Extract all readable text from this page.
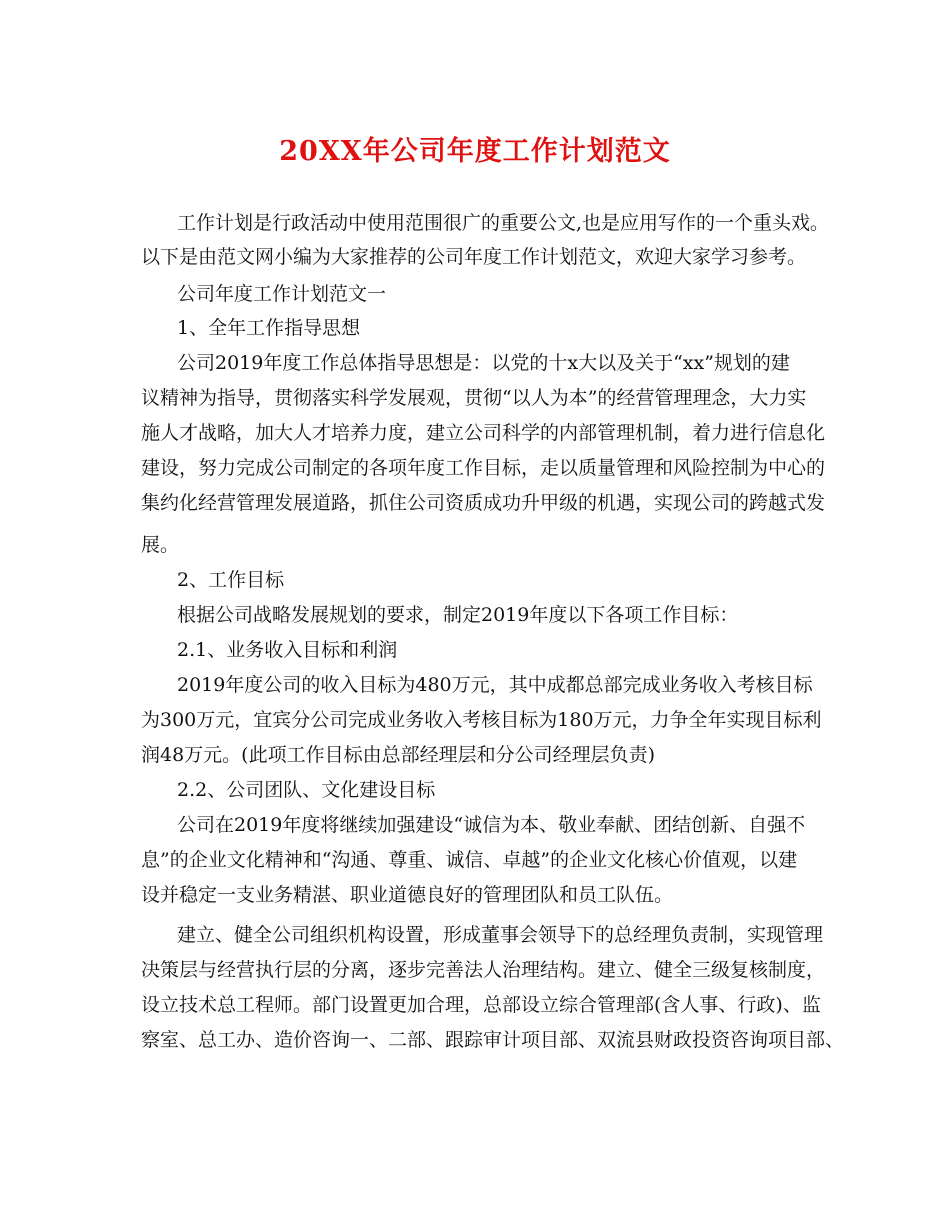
20XX年公司年度工作计划范文
工作计划是行政活动中使用范围很广的重要公文,也是应用写作的一个重头戏。
以下是由范文网小编为大家推荐的公司年度工作计划范文，欢迎大家学习参考。
公司年度工作计划范文一
1、全年工作指导思想
公司2019年度工作总体指导思想是：以党的十x大以及关于“xx”规划的建
议精神为指导，贯彻落实科学发展观，贯彻“以人为本”的经营管理理念，大力实
施人才战略，加大人才培养力度，建立公司科学的内部管理机制，着力进行信息化
建设，努力完成公司制定的各项年度工作目标，走以质量管理和风险控制为中心的
集约化经营管理发展道路，抓住公司资质成功升甲级的机遇，实现公司的跨越式发
展。
2、工作目标
根据公司战略发展规划的要求，制定2019年度以下各项工作目标：
2.1、业务收入目标和利润
2019年度公司的收入目标为480万元，其中成都总部完成业务收入考核目标
为300万元，宜宾分公司完成业务收入考核目标为180万元，力争全年实现目标利
润48万元。(此项工作目标由总部经理层和分公司经理层负责)
2.2、公司团队、文化建设目标
公司在2019年度将继续加强建设“诚信为本、敬业奉献、团结创新、自强不
息”的企业文化精神和“沟通、尊重、诚信、卓越”的企业文化核心价值观，以建
设并稳定一支业务精湛、职业道德良好的管理团队和员工队伍。
建立、健全公司组织机构设置，形成董事会领导下的总经理负责制，实现管理
决策层与经营执行层的分离，逐步完善法人治理结构。建立、健全三级复核制度，
设立技术总工程师。部门设置更加合理，总部设立综合管理部(含人事、行政)、监
察室、总工办、造价咨询一、二部、跟踪审计项目部、双流县财政投资咨询项目部、
